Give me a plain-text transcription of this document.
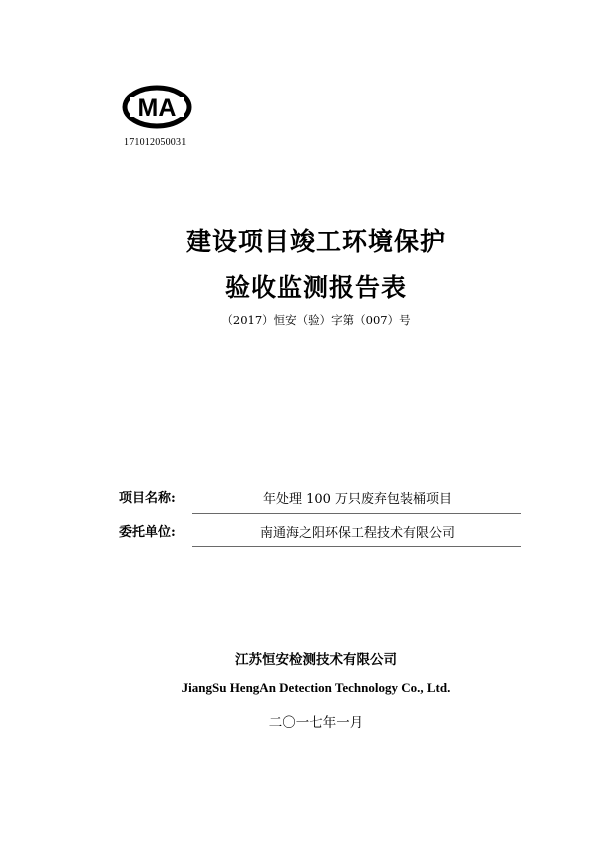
MA
171012050031
建设项目竣工环境保护
验收监测报告表
（2017）恒安（验）字第（007）号
项目名称:	年处理 100 万只废弃包装桶项目
委托单位:	南通海之阳环保工程技术有限公司
江苏恒安检测技术有限公司
JiangSu HengAn Detection Technology Co., Ltd.
二〇一七年一月
